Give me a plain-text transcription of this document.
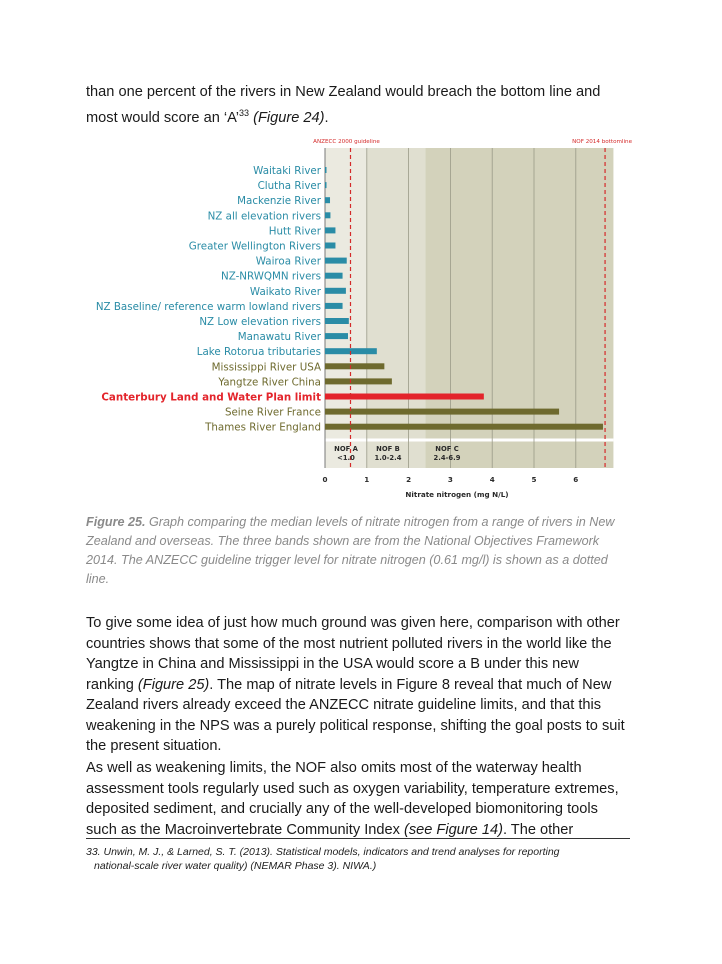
than one percent of the rivers in New Zealand would breach the bottom line and
most would score an ‘A’$^{33}$ (Figure 24).
Waitaki River
Clutha River
Mackenzie River
NZ all elevation rivers
Hutt River
Greater Wellington Rivers
Wairoa River
NZ-NRWQMN rivers
Waikato River
NZ Baseline/ reference warm lowland rivers
NZ Low elevation rivers
Manawatu River
Lake Rotorua tributaries
Mississippi River USA
Yangtze River China
Canterbury Land and Water Plan limit
Seine River France
Thames River England
ANZECC 2000 guideline	NOF 2014 bottomline
NOF A
<1.0
NOF B
1.0-2.4
NOF C
2.4-6.9
0	1	2	3	4	5	6
Nitrate nitrogen (mg N/L)
Figure 25. Graph comparing the median levels of nitrate nitrogen from a range of rivers in New Zealand and overseas. The three bands shown are from the National Objectives Framework 2014. The ANZECC guideline trigger level for nitrate nitrogen (0.61 mg/l) is shown as a dotted line.
To give some idea of just how much ground was given here, comparison with other countries shows that some of the most nutrient polluted rivers in the world like the Yangtze in China and Mississippi in the USA would score a B under this new ranking (Figure 25). The map of nitrate levels in Figure 8 reveal that much of New Zealand rivers already exceed the ANZECC nitrate guideline limits, and that this weakening in the NPS was a purely political response, shifting the goal posts to suit the present situation.
As well as weakening limits, the NOF also omits most of the waterway health assessment tools regularly used such as oxygen variability, temperature extremes, deposited sediment, and crucially any of the well-developed biomonitoring tools such as the Macroinvertebrate Community Index (see Figure 14). The other
33. Unwin, M. J., & Larned, S. T. (2013). Statistical models, indicators and trend analyses for reporting
national-scale river water quality) (NEMAR Phase 3). NIWA.)
